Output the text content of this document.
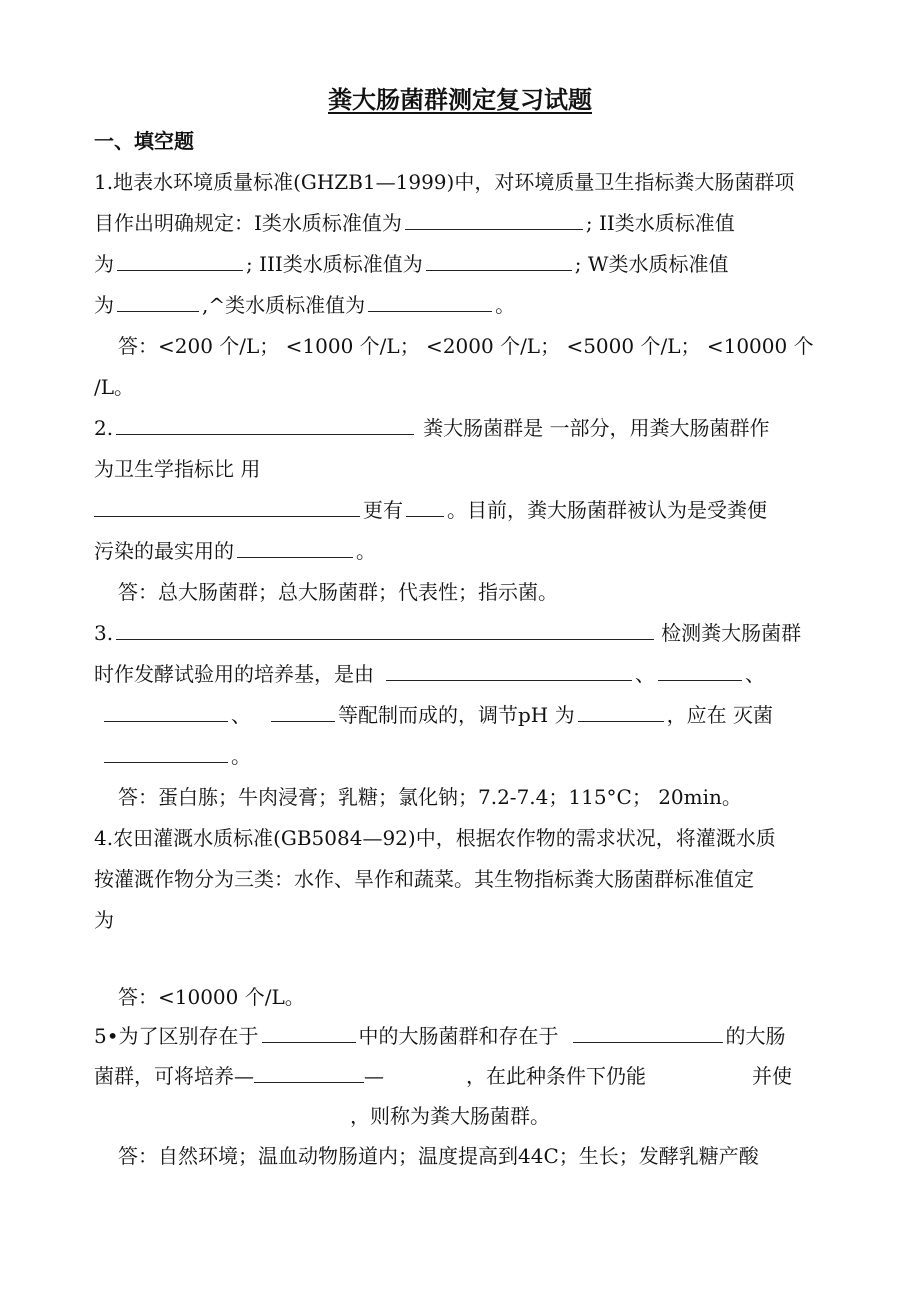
粪大肠菌群测定复习试题
一、填空题
1.地表水环境质量标准(GHZB1—1999)中，对环境质量卫生指标粪大肠菌群项
目作出明确规定：I类水质标准值为	; II类水质标准值
为	; III类水质标准值为	; W类水质标准值
为	,^类水质标准值为	。
答：<200 个/L； <1000 个/L； <2000 个/L； <5000 个/L； <10000 个
/L。
2.	粪大肠菌群是 一部分，用粪大肠菌群作
为卫生学指标比 用
更有 。目前，粪大肠菌群被认为是受粪便
污染的最实用的	。
答：总大肠菌群；总大肠菌群；代表性；指示菌。
3.	检测粪大肠菌群
时作发酵试验用的培养基，是由	、	、
、	等配制而成的，调节pH 为	，应在 灭菌
。
答：蛋白胨；牛肉浸膏；乳糖；氯化钠；7.2-7.4；115°C； 20min。
4.农田灌溉水质标准(GB5084—92)中，根据农作物的需求状况，将灌溉水质
按灌溉作物分为三类：水作、旱作和蔬菜。其生物指标粪大肠菌群标准值定
为
答：<10000 个/L。
5•为了区别存在于	中的大肠菌群和存在于	的大肠
菌群，可将培养—	—	，在此种条件下仍能	并使
，则称为粪大肠菌群。
答：自然环境；温血动物肠道内；温度提高到44C；生长；发酵乳糖产酸
